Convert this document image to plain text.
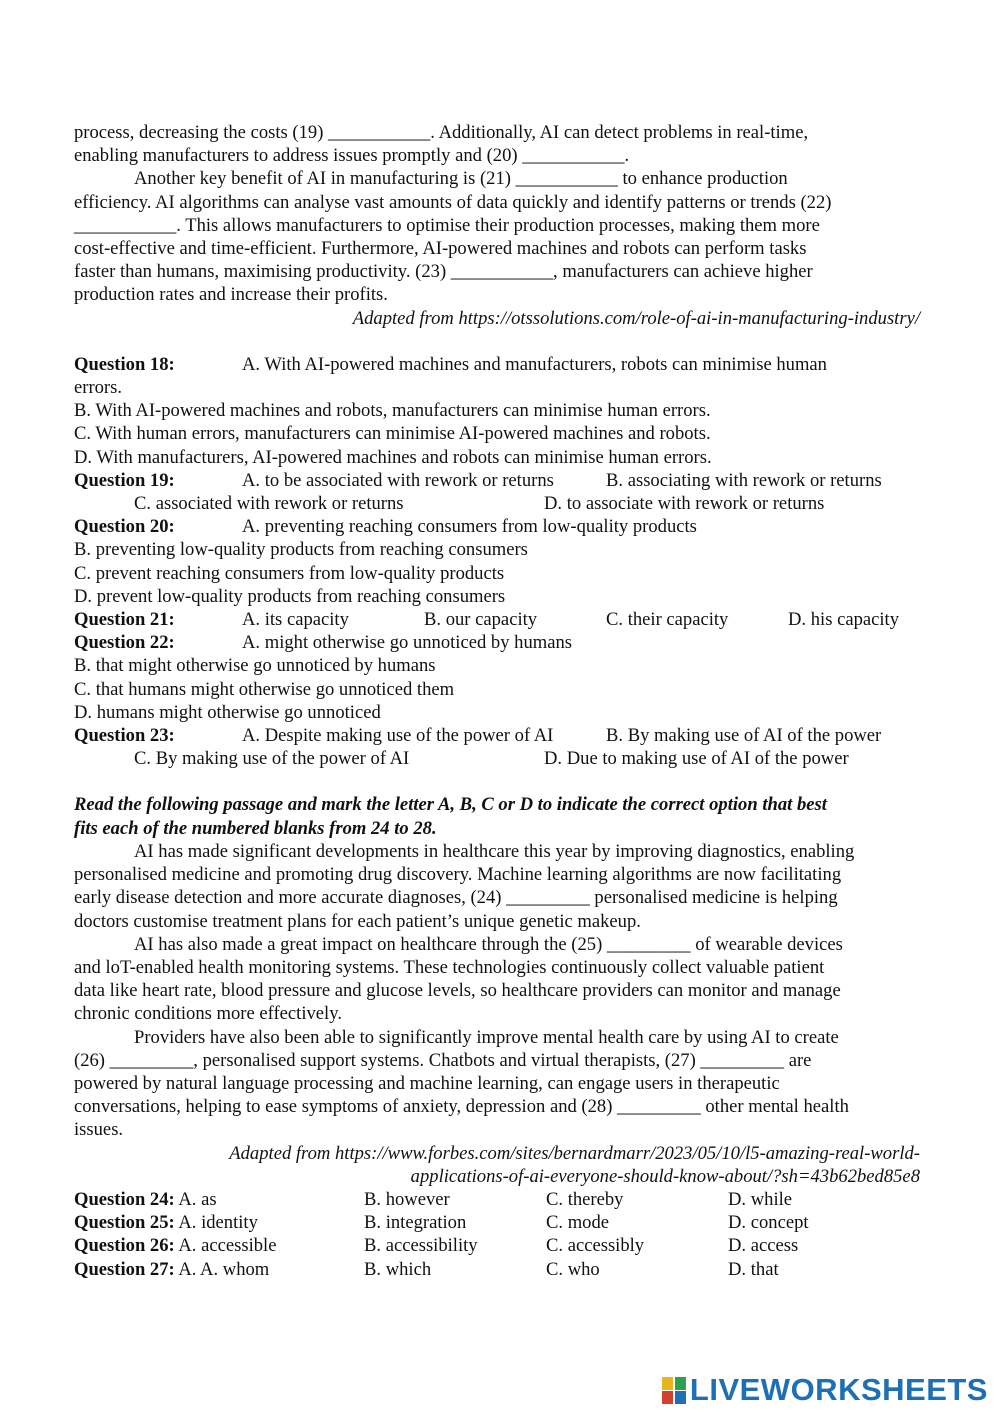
process, decreasing the costs (19) ___________. Additionally, AI can detect problems in real-time,

enabling manufacturers to address issues promptly and (20) ___________.

Another key benefit of AI in manufacturing is (21) ___________ to enhance production

efficiency. AI algorithms can analyse vast amounts of data quickly and identify patterns or trends (22)

___________. This allows manufacturers to optimise their production processes, making them more

cost-effective and time-efficient. Furthermore, AI-powered machines and robots can perform tasks

faster than humans, maximising productivity. (23) ___________, manufacturers can achieve higher

production rates and increase their profits.

Adapted from https://otssolutions.com/role-of-ai-in-manufacturing-industry/

Question 18:	A. With AI-powered machines and manufacturers, robots can minimise human

errors.

B. With AI-powered machines and robots, manufacturers can minimise human errors.

C. With human errors, manufacturers can minimise AI-powered machines and robots.

D. With manufacturers, AI-powered machines and robots can minimise human errors.

Question 19:	A. to be associated with rework or returns	B. associating with rework or returns
C. associated with rework or returns	D. to associate with rework or returns
Question 20:	A. preventing reaching consumers from low-quality products

B. preventing low-quality products from reaching consumers

C. prevent reaching consumers from low-quality products

D. prevent low-quality products from reaching consumers

Question 21:	A. its capacity	B. our capacity	C. their capacity	D. his capacity
Question 22:	A. might otherwise go unnoticed by humans

B. that might otherwise go unnoticed by humans

C. that humans might otherwise go unnoticed them

D. humans might otherwise go unnoticed

Question 23:	A. Despite making use of the power of AI	B. By making use of AI of the power
C. By making use of the power of AI	D. Due to making use of AI of the power

Read the following passage and mark the letter A, B, C or D to indicate the correct option that best

fits each of the numbered blanks from 24 to 28.

AI has made significant developments in healthcare this year by improving diagnostics, enabling

personalised medicine and promoting drug discovery. Machine learning algorithms are now facilitating

early disease detection and more accurate diagnoses, (24) _________ personalised medicine is helping

doctors customise treatment plans for each patient’s unique genetic makeup.

AI has also made a great impact on healthcare through the (25) _________ of wearable devices

and loT-enabled health monitoring systems. These technologies continuously collect valuable patient

data like heart rate, blood pressure and glucose levels, so healthcare providers can monitor and manage

chronic conditions more effectively.

Providers have also been able to significantly improve mental health care by using AI to create

(26) _________, personalised support systems. Chatbots and virtual therapists, (27) _________ are

powered by natural language processing and machine learning, can engage users in therapeutic

conversations, helping to ease symptoms of anxiety, depression and (28) _________ other mental health

issues.

Adapted from https://www.forbes.com/sites/bernardmarr/2023/05/10/l5-amazing-real-world-

applications-of-ai-everyone-should-know-about/?sh=43b62bed85e8

Question 24: A. as	B. however	C. thereby	D. while
Question 25: A. identity	B. integration	C. mode	D. concept
Question 26: A. accessible	B. accessibility	C. accessibly	D. access
Question 27: A. A. whom	B. which	C. who	D. that
LIVEWORKSHEETS
